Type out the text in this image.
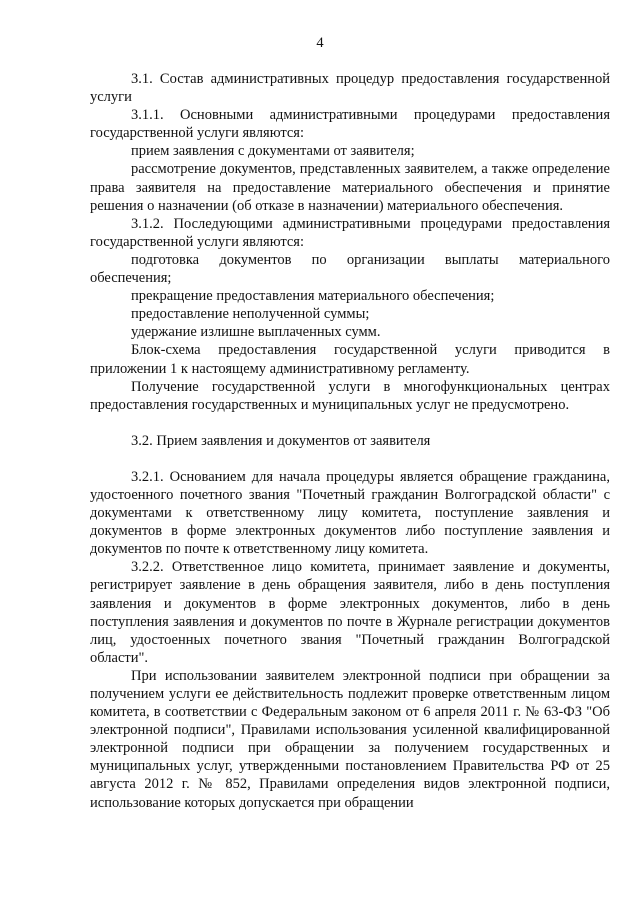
4

3.1. Состав административных процедур предоставления государственной услуги

3.1.1. Основными административными процедурами предоставления государственной услуги являются:

прием заявления с документами от заявителя;

рассмотрение документов, представленных заявителем, а также определение права заявителя на предоставление материального обеспечения и принятие решения о назначении (об отказе в назначении) материального обеспечения.

3.1.2. Последующими административными процедурами предоставления государственной услуги являются:

подготовка документов по организации выплаты материального обеспечения;

прекращение предоставления материального обеспечения;

предоставление неполученной суммы;

удержание излишне выплаченных сумм.

Блок-схема предоставления государственной услуги приводится в приложении 1 к настоящему административному регламенту.

Получение государственной услуги в многофункциональных центрах предоставления государственных и муниципальных услуг не предусмотрено.

3.2. Прием заявления и документов от заявителя

3.2.1. Основанием для начала процедуры является обращение гражданина, удостоенного почетного звания "Почетный гражданин Волгоградской области" с документами к ответственному лицу комитета, поступление заявления и документов в форме электронных документов либо поступление заявления и документов по почте к ответственному лицу комитета.

3.2.2. Ответственное лицо комитета, принимает заявление и документы, регистрирует заявление в день обращения заявителя, либо в день поступления заявления и документов в форме электронных документов, либо в день поступления заявления и документов по почте в Журнале регистрации документов лиц, удостоенных почетного звания "Почетный гражданин Волгоградской области".

При использовании заявителем электронной подписи при обращении за получением услуги ее действительность подлежит проверке ответственным лицом комитета, в соответствии с Федеральным законом от 6 апреля 2011 г. № 63-ФЗ "Об электронной подписи", Правилами использования усиленной квалифицированной электронной подписи при обращении за получением государственных и муниципальных услуг, утвержденными постановлением Правительства РФ от 25 августа 2012 г. № 852, Правилами определения видов электронной подписи, использование которых допускается при обращении
